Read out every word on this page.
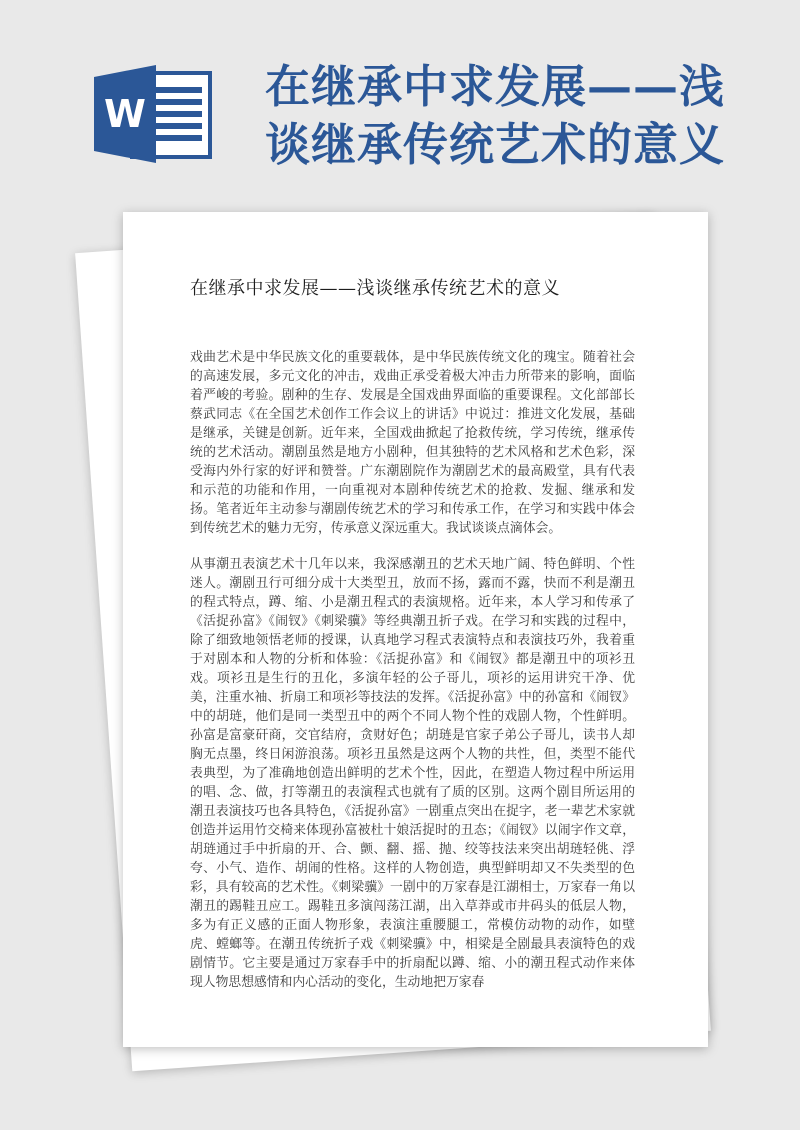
W
在继承中求发展——浅谈继承传统艺术的意义
在继承中求发展——浅谈继承传统艺术的意义

戏曲艺术是中华民族文化的重要载体，是中华民族传统文化的瑰宝。随着社会的高速发展，多元文化的冲击，戏曲正承受着极大冲击力所带来的影响，面临着严峻的考验。剧种的生存、发展是全国戏曲界面临的重要课程。文化部部长蔡武同志《在全国艺术创作工作会议上的讲话》中说过：推进文化发展，基础是继承，关键是创新。近年来，全国戏曲掀起了抢救传统，学习传统，继承传统的艺术活动。潮剧虽然是地方小剧种，但其独特的艺术风格和艺术色彩，深受海内外行家的好评和赞誉。广东潮剧院作为潮剧艺术的最高殿堂，具有代表和示范的功能和作用，一向重视对本剧种传统艺术的抢救、发掘、继承和发扬。笔者近年主动参与潮剧传统艺术的学习和传承工作，在学习和实践中体会到传统艺术的魅力无穷，传承意义深远重大。我试谈谈点滴体会。

从事潮丑表演艺术十几年以来，我深感潮丑的艺术天地广阔、特色鲜明、个性迷人。潮剧丑行可细分成十大类型丑，放而不扬，露而不露，快而不利是潮丑的程式特点，蹲、缩、小是潮丑程式的表演规格。近年来，本人学习和传承了《活捉孙富》《闹钗》《刺梁骥》等经典潮丑折子戏。在学习和实践的过程中，除了细致地领悟老师的授课，认真地学习程式表演特点和表演技巧外，我着重于对剧本和人物的分析和体验：《活捉孙富》和《闹钗》都是潮丑中的项衫丑戏。项衫丑是生行的丑化，多演年轻的公子哥儿，项衫的运用讲究干净、优美，注重水袖、折扇工和项衫等技法的发挥。《活捉孙富》中的孙富和《闹钗》中的胡琏，他们是同一类型丑中的两个不同人物个性的戏剧人物，个性鲜明。孙富是富豪矸商，交官结府，贪财好色；胡琏是官家子弟公子哥儿，读书人却胸无点墨，终日闲游浪荡。项衫丑虽然是这两个人物的共性，但，类型不能代表典型，为了准确地创造出鲜明的艺术个性，因此，在塑造人物过程中所运用的唱、念、做，打等潮丑的表演程式也就有了质的区别。这两个剧目所运用的潮丑表演技巧也各具特色，《活捉孙富》一剧重点突出在捉字，老一辈艺术家就创造并运用竹交椅来体现孙富被杜十娘活捉时的丑态；《闹钗》以闹字作文章，胡琏通过手中折扇的开、合、颤、翻、摇、抛、绞等技法来突出胡琏轻佻、浮夸、小气、造作、胡闹的性格。这样的人物创造，典型鲜明却又不失类型的色彩，具有较高的艺术性。《刺梁骥》一剧中的万家春是江湖相士，万家春一角以潮丑的踢鞋丑应工。踢鞋丑多演闯荡江湖，出入草莽或市井码头的低层人物，多为有正义感的正面人物形象，表演注重腰腿工，常模仿动物的动作，如壁虎、螳螂等。在潮丑传统折子戏《刺梁骥》中，相梁是全剧最具表演特色的戏剧情节。它主要是通过万家春手中的折扇配以蹲、缩、小的潮丑程式动作来体现人物思想感情和内心活动的变化，生动地把万家春
